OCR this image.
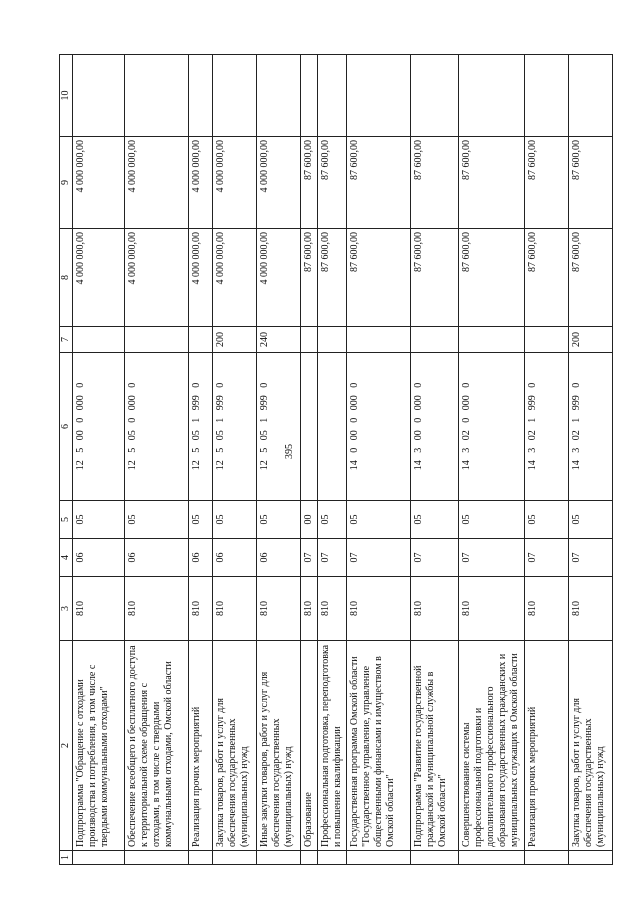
395
1	2	3	4	5	6	7	8	9	10
	Подпрограмма "Обращение с отходами производства и потребления, в том числе с твердыми коммунальными отходами"	810	06	05	12 5 00 0 000 0		4 000 000,00	4 000 000,00	
	Обеспечение всеобщего и бесплатного доступа к территориальной схеме обращения с отходами, в том числе с твердыми коммунальными отходами, Омской области	810	06	05	12 5 05 0 000 0		4 000 000,00	4 000 000,00	
	Реализация прочих мероприятий	810	06	05	12 5 05 1 999 0		4 000 000,00	4 000 000,00	
	Закупка товаров, работ и услуг для обеспечения государственных (муниципальных) нужд	810	06	05	12 5 05 1 999 0	200	4 000 000,00	4 000 000,00	
	Иные закупки товаров, работ и услуг для обеспечения государственных (муниципальных) нужд	810	06	05	12 5 05 1 999 0	240	4 000 000,00	4 000 000,00	
	Образование	810	07	00			87 600,00	87 600,00	
	Профессиональная подготовка, переподготовка и повышение квалификации	810	07	05			87 600,00	87 600,00	
	Государственная программа Омской области "Государственное управление, управление общественными финансами и имуществом в Омской области"	810	07	05	14 0 00 0 000 0		87 600,00	87 600,00	
	Подпрограмма "Развитие государственной гражданской и муниципальной службы в Омской области"	810	07	05	14 3 00 0 000 0		87 600,00	87 600,00	
	Совершенствование системы профессиональной подготовки и дополнительного профессионального образования государственных гражданских и муниципальных служащих в Омской области	810	07	05	14 3 02 0 000 0		87 600,00	87 600,00	
	Реализация прочих мероприятий	810	07	05	14 3 02 1 999 0		87 600,00	87 600,00	
	Закупка товаров, работ и услуг для обеспечения государственных (муниципальных) нужд	810	07	05	14 3 02 1 999 0	200	87 600,00	87 600,00	
